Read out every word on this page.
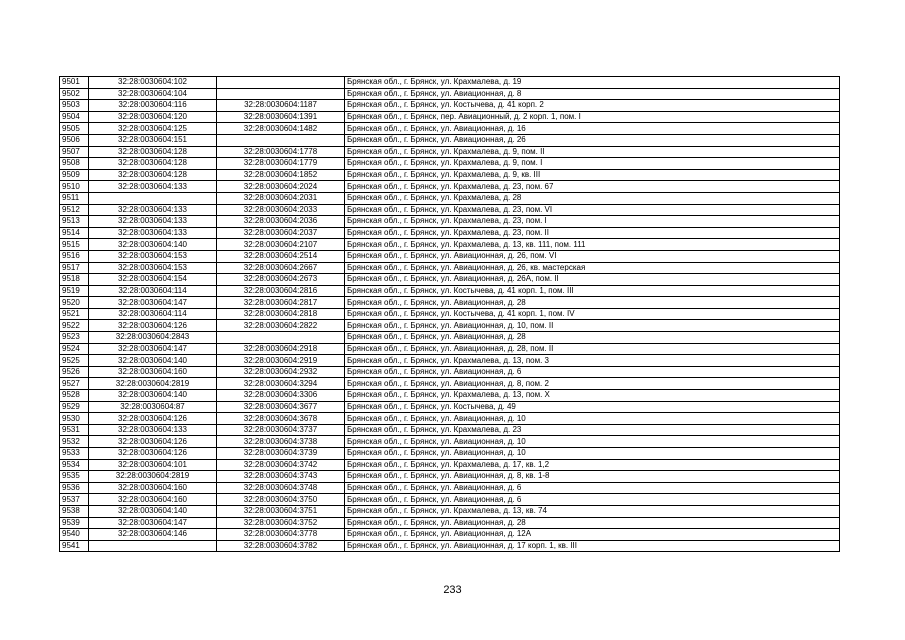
9501	32:28:0030604:102		Брянская обл., г. Брянск, ул. Крахмалева, д. 19
9502	32:28:0030604:104		Брянская обл., г. Брянск, ул. Авиационная, д. 8
9503	32:28:0030604:116	32:28:0030604:1187	Брянская обл., г. Брянск, ул. Костычева, д. 41 корп. 2
9504	32:28:0030604:120	32:28:0030604:1391	Брянская обл., г. Брянск, пер. Авиационный, д. 2 корп. 1, пом. I
9505	32:28:0030604:125	32:28:0030604:1482	Брянская обл., г. Брянск, ул. Авиационная, д. 16
9506	32:28:0030604:151		Брянская обл., г. Брянск, ул. Авиационная, д. 26
9507	32:28:0030604:128	32:28:0030604:1778	Брянская обл., г. Брянск, ул. Крахмалева, д. 9, пом. II
9508	32:28:0030604:128	32:28:0030604:1779	Брянская обл., г. Брянск, ул. Крахмалева, д. 9, пом. I
9509	32:28:0030604:128	32:28:0030604:1852	Брянская обл., г. Брянск, ул. Крахмалева, д. 9, кв. III
9510	32:28:0030604:133	32:28:0030604:2024	Брянская обл., г. Брянск, ул. Крахмалева, д. 23, пом. 67
9511		32:28:0030604:2031	Брянская обл., г. Брянск, ул. Крахмалева, д. 28
9512	32:28:0030604:133	32:28:0030604:2033	Брянская обл., г. Брянск, ул. Крахмалева, д. 23, пом. VI
9513	32:28:0030604:133	32:28:0030604:2036	Брянская обл., г. Брянск, ул. Крахмалева, д. 23, пом. I
9514	32:28:0030604:133	32:28:0030604:2037	Брянская обл., г. Брянск, ул. Крахмалева, д. 23, пом. II
9515	32:28:0030604:140	32:28:0030604:2107	Брянская обл., г. Брянск, ул. Крахмалева, д. 13, кв. 111, пом. 111
9516	32:28:0030604:153	32:28:0030604:2514	Брянская обл., г. Брянск, ул. Авиационная, д. 26, пом. VI
9517	32:28:0030604:153	32:28:0030604:2667	Брянская обл., г. Брянск, ул. Авиационная, д. 26, кв. мастерская
9518	32:28:0030604:154	32:28:0030604:2673	Брянская обл., г. Брянск, ул. Авиационная, д. 26А, пом. II
9519	32:28:0030604:114	32:28:0030604:2816	Брянская обл., г. Брянск, ул. Костычева, д. 41 корп. 1, пом. III
9520	32:28:0030604:147	32:28:0030604:2817	Брянская обл., г. Брянск, ул. Авиационная, д. 28
9521	32:28:0030604:114	32:28:0030604:2818	Брянская обл., г. Брянск, ул. Костычева, д. 41 корп. 1, пом. IV
9522	32:28:0030604:126	32:28:0030604:2822	Брянская обл., г. Брянск, ул. Авиационная, д. 10, пом. II
9523	32:28:0030604:2843		Брянская обл., г. Брянск, ул. Авиационная, д. 28
9524	32:28:0030604:147	32:28:0030604:2918	Брянская обл., г. Брянск, ул. Авиационная, д. 28, пом. II
9525	32:28:0030604:140	32:28:0030604:2919	Брянская обл., г. Брянск, ул. Крахмалева, д. 13, пом. 3
9526	32:28:0030604:160	32:28:0030604:2932	Брянская обл., г. Брянск, ул. Авиационная, д. 6
9527	32:28:0030604:2819	32:28:0030604:3294	Брянская обл., г. Брянск, ул. Авиационная, д. 8, пом. 2
9528	32:28:0030604:140	32:28:0030604:3306	Брянская обл., г. Брянск, ул. Крахмалева, д. 13, пом. X
9529	32:28:0030604:87	32:28:0030604:3677	Брянская обл., г. Брянск, ул. Костычева, д. 49
9530	32:28:0030604:126	32:28:0030604:3678	Брянская обл., г. Брянск, ул. Авиационная, д. 10
9531	32:28:0030604:133	32:28:0030604:3737	Брянская обл., г. Брянск, ул. Крахмалева, д. 23
9532	32:28:0030604:126	32:28:0030604:3738	Брянская обл., г. Брянск, ул. Авиационная, д. 10
9533	32:28:0030604:126	32:28:0030604:3739	Брянская обл., г. Брянск, ул. Авиационная, д. 10
9534	32:28:0030604:101	32:28:0030604:3742	Брянская обл., г. Брянск, ул. Крахмалева, д. 17, кв. 1,2
9535	32:28:0030604:2819	32:28:0030604:3743	Брянская обл., г. Брянск, ул. Авиационная, д. 8, кв. 1-8
9536	32:28:0030604:160	32:28:0030604:3748	Брянская обл., г. Брянск, ул. Авиационная, д. 6
9537	32:28:0030604:160	32:28:0030604:3750	Брянская обл., г. Брянск, ул. Авиационная, д. 6
9538	32:28:0030604:140	32:28:0030604:3751	Брянская обл., г. Брянск, ул. Крахмалева, д. 13, кв. 74
9539	32:28:0030604:147	32:28:0030604:3752	Брянская обл., г. Брянск, ул. Авиационная, д. 28
9540	32:28:0030604:146	32:28:0030604:3778	Брянская обл., г. Брянск, ул. Авиационная, д. 12А
9541		32:28:0030604:3782	Брянская обл., г. Брянск, ул. Авиационная, д. 17 корп. 1, кв. III
233
